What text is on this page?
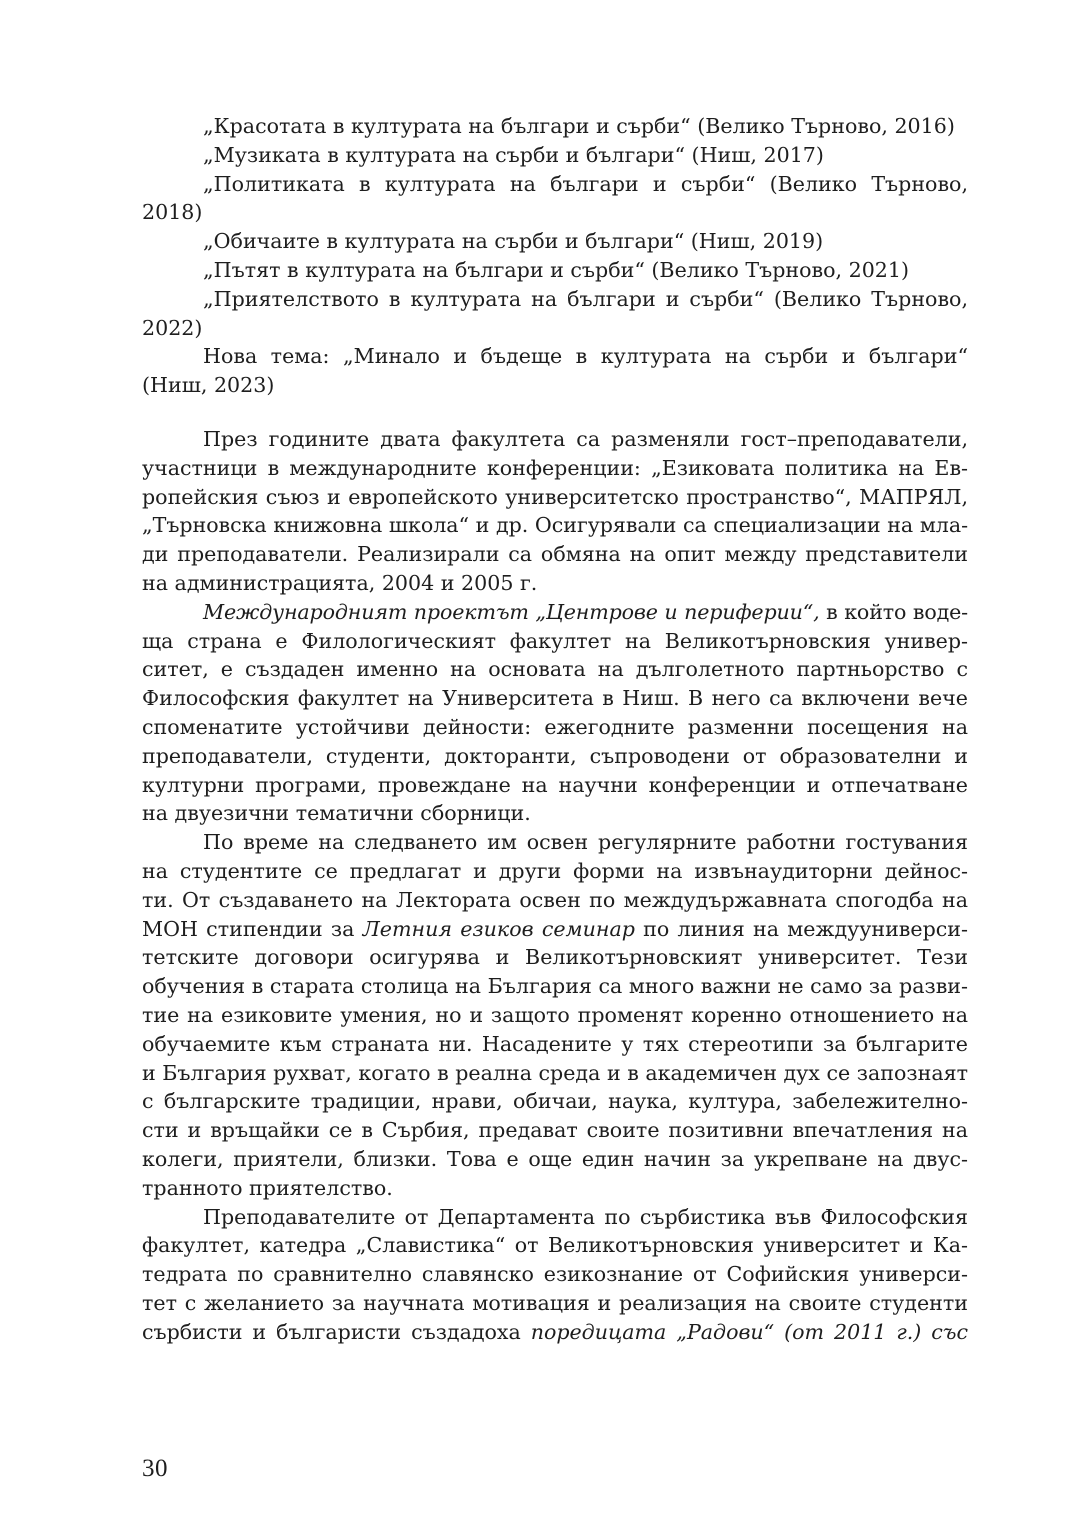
„Красотата в културата на българи и сърби“ (Велико Търново, 2016)
„Музиката в културата на сърби и българи“ (Ниш, 2017)
„Политиката в културата на българи и сърби“ (Велико Търново,
2018)
„Обичаите в културата на сърби и българи“ (Ниш, 2019)
„Пътят в културата на българи и сърби“ (Велико Търново, 2021)
„Приятелството в културата на българи и сърби“ (Велико Търново,
2022)
Нова тема: „Минало и бъдеще в културата на сърби и българи“
(Ниш, 2023)
През годините двата факултета са разменяли гост–преподаватели,
участници в международните конференции: „Езиковата политика на Ев-
ропейския съюз и европейското университетско пространство“, МАПРЯЛ,
„Търновска книжовна школа“ и др. Осигурявали са специализации на мла-
ди преподаватели. Реализирали са обмяна на опит между представители
на администрацията, 2004 и 2005 г.
Международният проектът „Центрове и периферии“, в който воде-
ща страна е Филологическият факултет на Великотърновския универ-
ситет, е създаден именно на основата на дълголетното партньорство с
Философския факултет на Университета в Ниш. В него са включени вече
споменатите устойчиви дейности: ежегодните разменни посещения на
преподаватели, студенти, докторанти, съпроводени от образователни и
културни програми, провеждане на научни конференции и отпечатване
на двуезични тематични сборници.
По време на следването им освен регулярните работни гостувания
на студентите се предлагат и други форми на извънаудиторни дейнос-
ти. От създаването на Лектората освен по междудържавната спогодба на
МОН стипендии за Летния езиков семинар по линия на междууниверси-
тетските договори осигурява и Великотърновският университет. Тези
обучения в старата столица на България са много важни не само за разви-
тие на езиковите умения, но и защото променят коренно отношението на
обучаемите към страната ни. Насадените у тях стереотипи за българите
и България рухват, когато в реална среда и в академичен дух се запознаят
с българските традиции, нрави, обичаи, наука, култура, забележително-
сти и връщайки се в Сърбия, предават своите позитивни впечатления на
колеги, приятели, близки. Това е още един начин за укрепване на двус-
транното приятелство.
Преподавателите от Департамента по сърбистика във Философския
факултет, катедра „Славистика“ от Великотърновския университет и Ка-
тедрата по сравнително славянско езикознание от Софийския универси-
тет с желанието за научната мотивация и реализация на своите студенти
сърбисти и българисти създадоха поредицата „Радови“ (от 2011 г.) със
30
